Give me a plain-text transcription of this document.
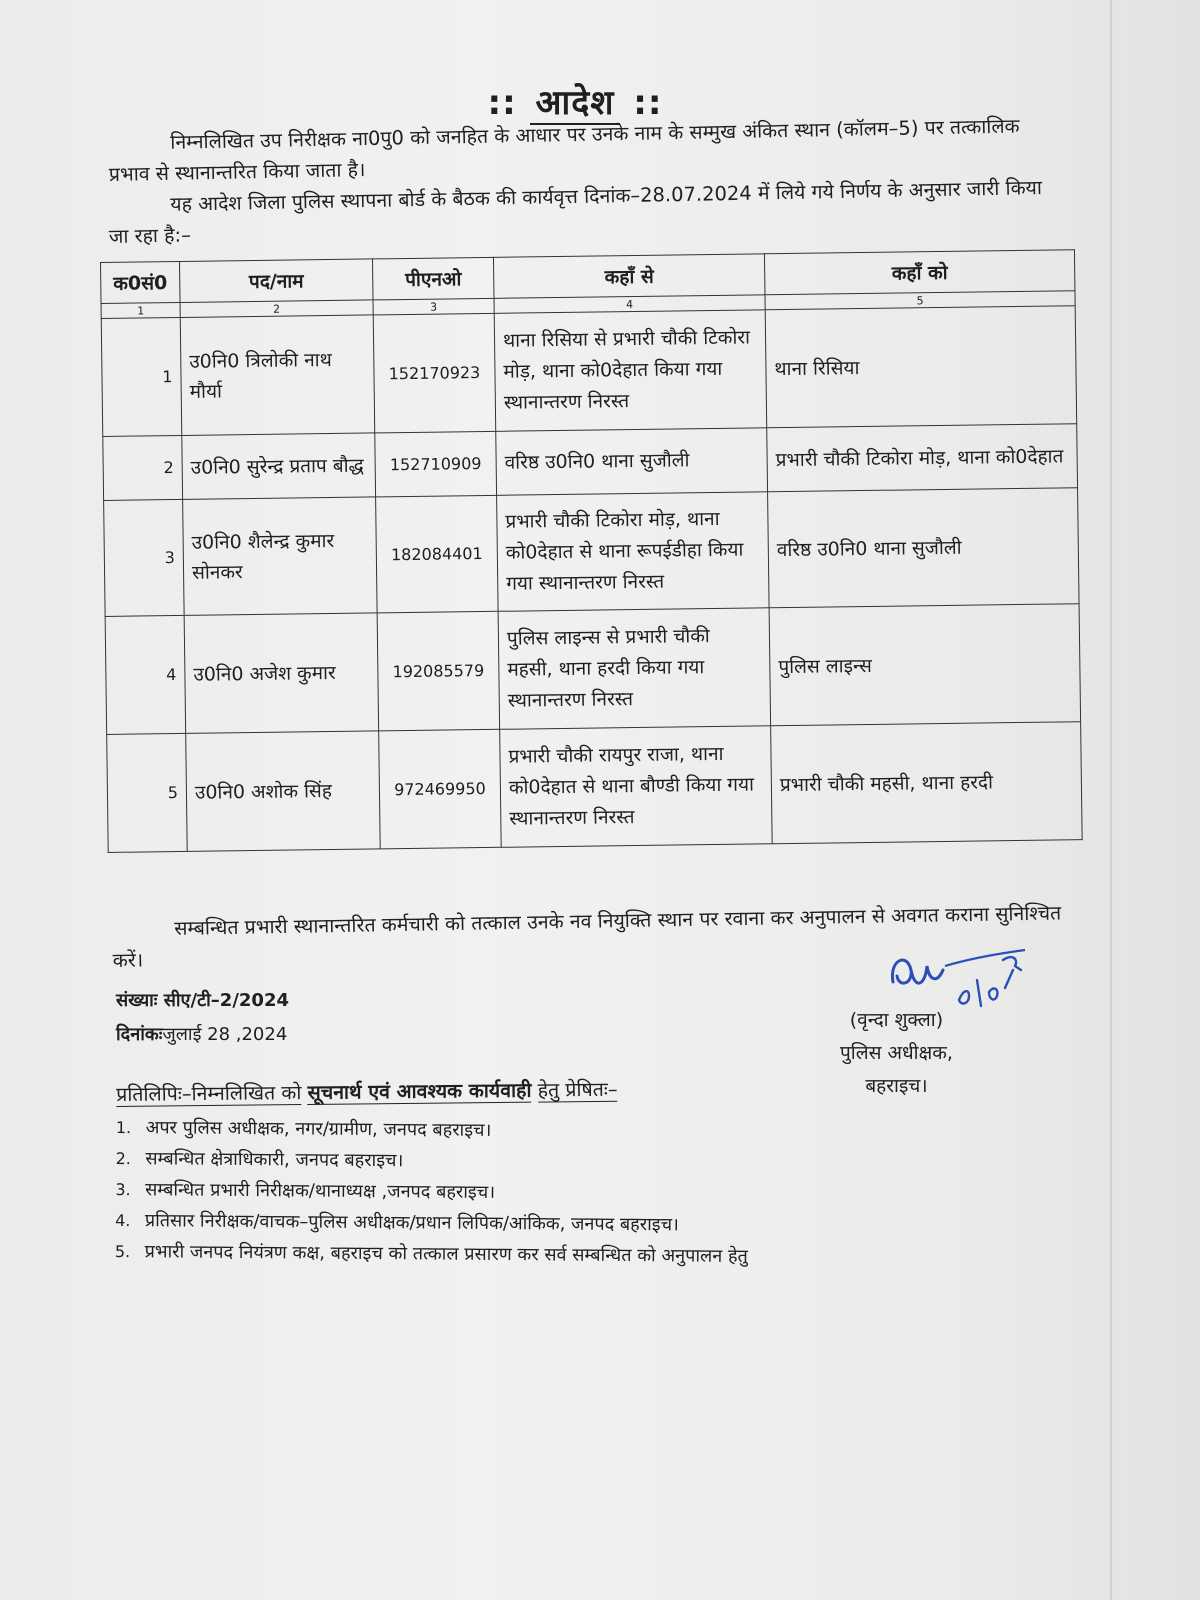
:: आदेश ::
निम्नलिखित उप निरीक्षक ना0पु0 को जनहित के आधार पर उनके नाम के सम्मुख अंकित स्थान (कॉलम–5) पर तत्कालिक प्रभाव से स्थानान्तरित किया जाता है।
यह आदेश जिला पुलिस स्थापना बोर्ड के बैठक की कार्यवृत्त दिनांक–28.07.2024 में लिये गये निर्णय के अनुसार जारी किया जा रहा है:–
क0सं0	पद/नाम	पीएनओ	कहाँ से	कहाँ को
1	2	3	4	5
1	उ0नि0 त्रिलोकी नाथ मौर्या	152170923	थाना रिसिया से प्रभारी चौकी टिकोरा मोड़, थाना को0देहात किया गया स्थानान्तरण निरस्त	थाना रिसिया
2	उ0नि0 सुरेन्द्र प्रताप बौद्ध	152710909	वरिष्ठ उ0नि0 थाना सुजौली	प्रभारी चौकी टिकोरा मोड़, थाना को0देहात
3	उ0नि0 शैलेन्द्र कुमार सोनकर	182084401	प्रभारी चौकी टिकोरा मोड़, थाना को0देहात से थाना रूपईडीहा किया गया स्थानान्तरण निरस्त	वरिष्ठ उ0नि0 थाना सुजौली
4	उ0नि0 अजेश कुमार	192085579	पुलिस लाइन्स से प्रभारी चौकी महसी, थाना हरदी किया गया स्थानान्तरण निरस्त	पुलिस लाइन्स
5	उ0नि0 अशोक सिंह	972469950	प्रभारी चौकी रायपुर राजा, थाना को0देहात से थाना बौण्डी किया गया स्थानान्तरण निरस्त	प्रभारी चौकी महसी, थाना हरदी
सम्बन्धित प्रभारी स्थानान्तरित कर्मचारी को तत्काल उनके नव नियुक्ति स्थान पर रवाना कर अनुपालन से अवगत कराना सुनिश्चित करें।
संख्याः सीए/टी–2/2024
दिनांकःजुलाई 28 ,2024
(वृन्दा शुक्ला)
पुलिस अधीक्षक,
बहराइच।
प्रतिलिपिः–निम्नलिखित को सूचनार्थ एवं आवश्यक कार्यवाही हेतु प्रेषितः–
1. अपर पुलिस अधीक्षक, नगर/ग्रामीण, जनपद बहराइच।
2. सम्बन्धित क्षेत्राधिकारी, जनपद बहराइच।
3. सम्बन्धित प्रभारी निरीक्षक/थानाध्यक्ष ,जनपद बहराइच।
4. प्रतिसार निरीक्षक/वाचक–पुलिस अधीक्षक/प्रधान लिपिक/आंकिक, जनपद बहराइच।
5. प्रभारी जनपद नियंत्रण कक्ष, बहराइच को तत्काल प्रसारण कर सर्व सम्बन्धित को अनुपालन हेतु
